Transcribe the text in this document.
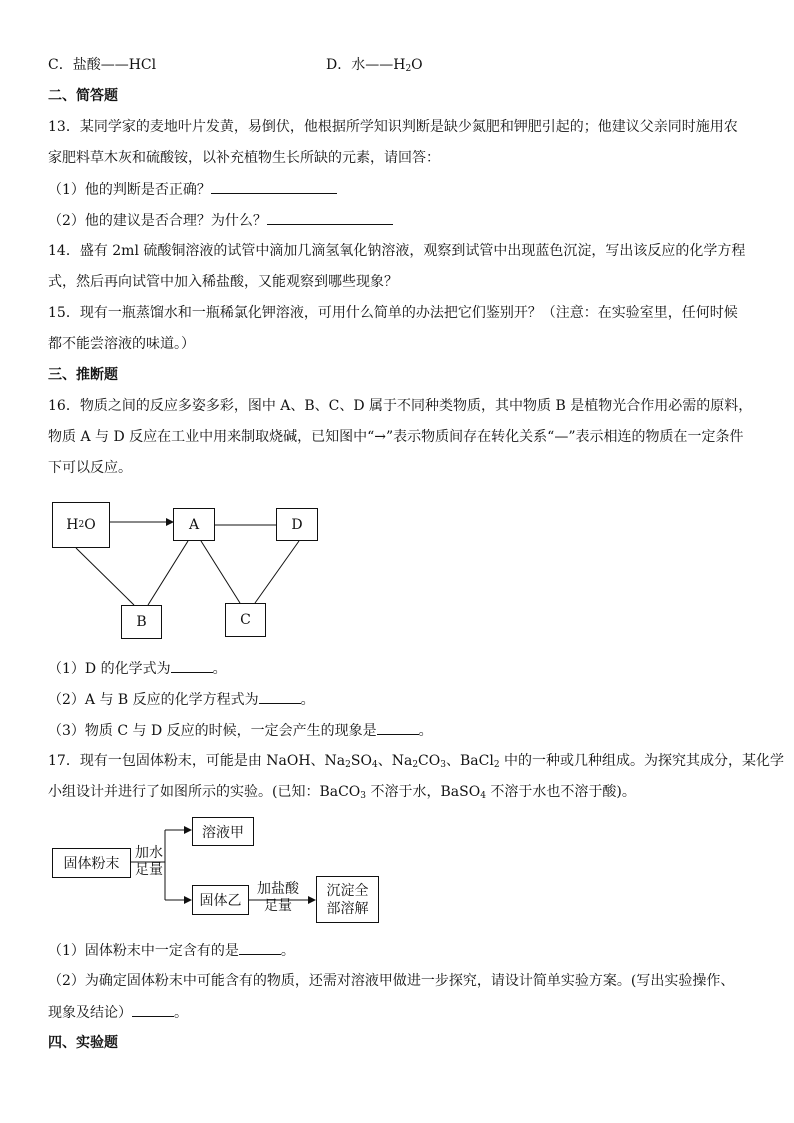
C．盐酸——HCl	D．水$——H_2O$
二、简答题
13．某同学家的麦地叶片发黄，易倒伏，他根据所学知识判断是缺少氮肥和钾肥引起的；他建议父亲同时施用农
家肥料草木灰和硫酸铵，以补充植物生长所缺的元素，请回答：
（1）他的判断是否正确？
（2）他的建议是否合理？为什么？
14．盛有 2ml 硫酸铜溶液的试管中滴加几滴氢氧化钠溶液，观察到试管中出现蓝色沉淀，写出该反应的化学方程
式，然后再向试管中加入稀盐酸，又能观察到哪些现象？
15．现有一瓶蒸馏水和一瓶稀氯化钾溶液，可用什么简单的办法把它们鉴别开？（注意：在实验室里，任何时候
都不能尝溶液的味道。）
三、推断题
16．物质之间的反应多姿多彩，图中 A、B、C、D 属于不同种类物质，其中物质 B 是植物光合作用必需的原料，
物质 A 与 D 反应在工业中用来制取烧碱，已知图中“→”表示物质间存在转化关系“—”表示相连的物质在一定条件
下可以反应。
H 2 O	A	D
B	C
（1）D 的化学式为	。
（2）A 与 B 反应的化学方程式为	。
（3）物质 C 与 D 反应的时候，一定会产生的现象是	。
17．现有一包固体粉末，可能是由 NaOH、$Na_2SO_4$、$Na_2CO_3$、BaCl$_2$ 中的一种或几种组成。为探究其成分，某化学
小组设计并进行了如图所示的实验。(已知：BaCO$_3$ 不溶于水，BaSO$_4$ 不溶于水也不溶于酸)。
固体粉末
加水
足量
溶液甲
固体乙
加盐酸
足量
沉淀全
部溶解
（1）固体粉末中一定含有的是	。
（2）为确定固体粉末中可能含有的物质，还需对溶液甲做进一步探究，请设计简单实验方案。(写出实验操作、
现象及结论）	。
四、实验题
